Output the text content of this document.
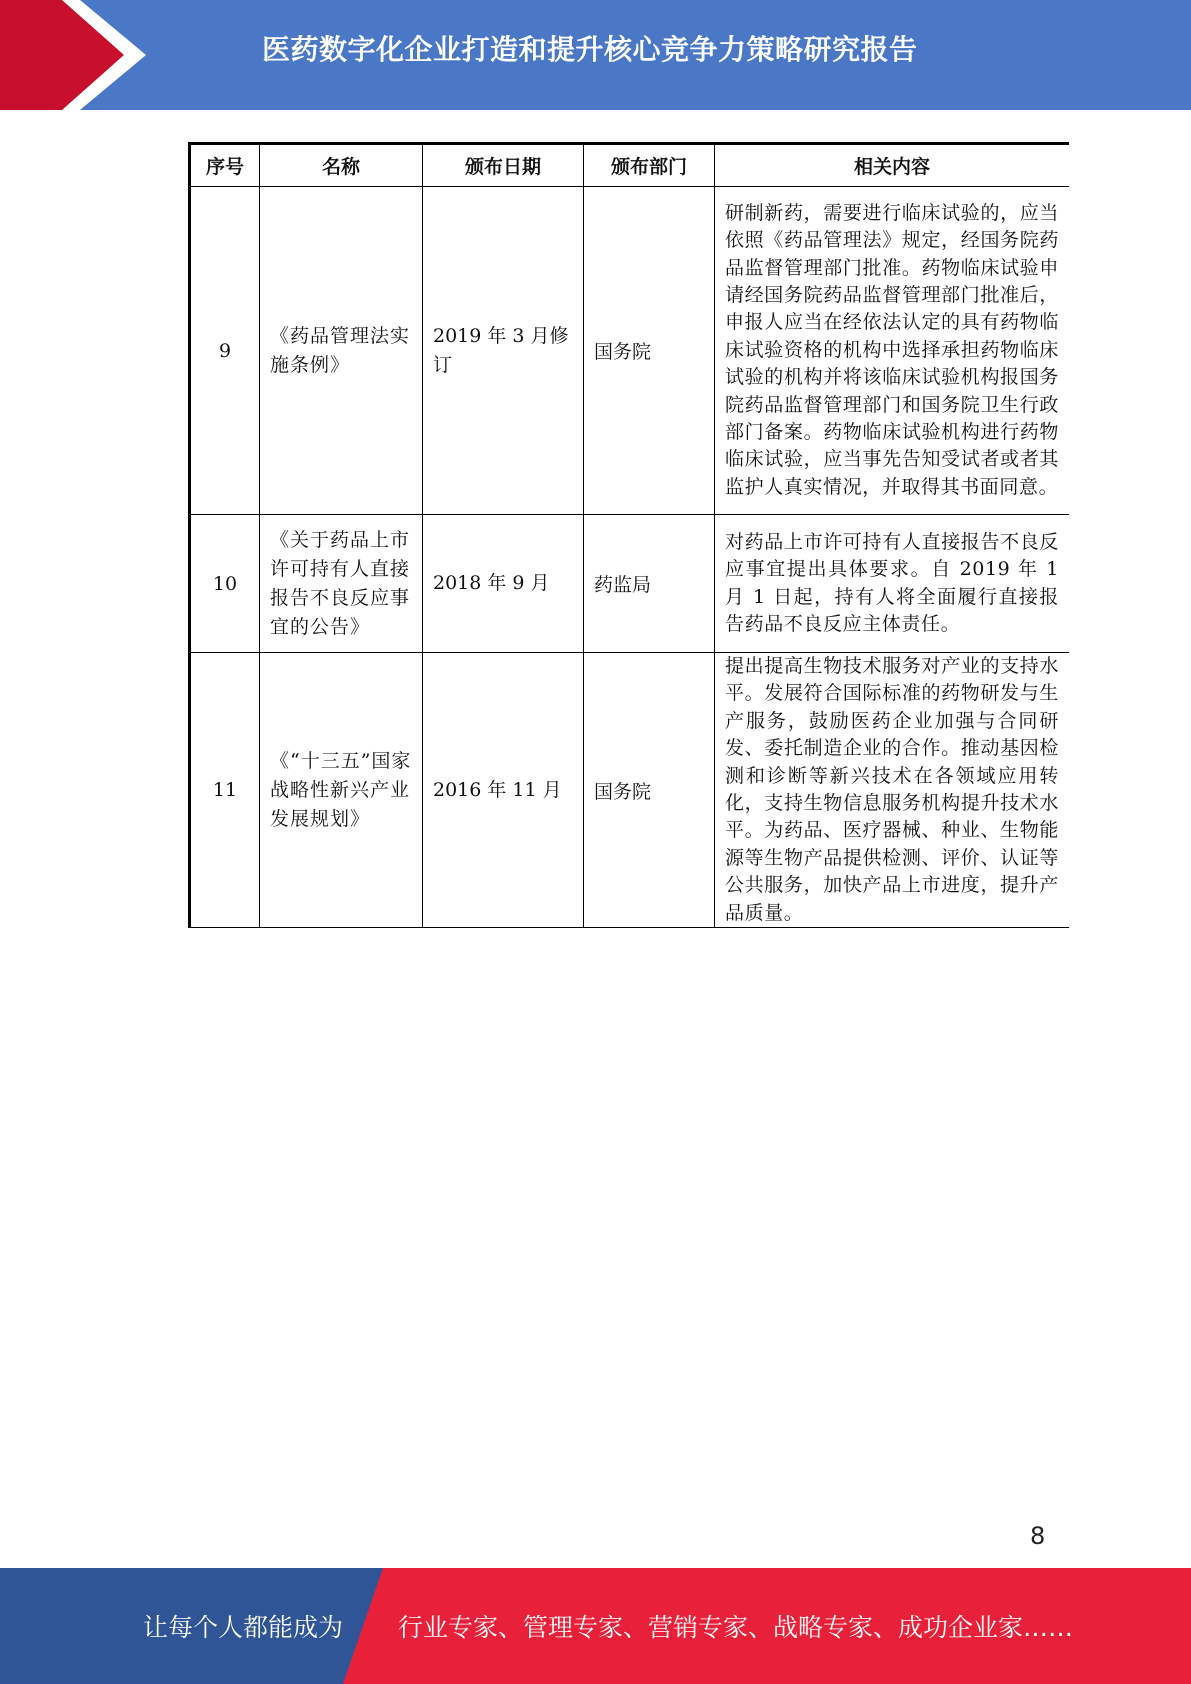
医药数字化企业打造和提升核心竞争力策略研究报告
序号	名称	颁布日期	颁布部门	相关内容
9	《药品管理法实施条例》	2019 年 3 月修订	国务院	研制新药，需要进行临床试验的，应当依照《药品管理法》规定，经国务院药品监督管理部门批准。药物临床试验申请经国务院药品监督管理部门批准后，申报人应当在经依法认定的具有药物临床试验资格的机构中选择承担药物临床试验的机构并将该临床试验机构报国务院药品监督管理部门和国务院卫生行政部门备案。药物临床试验机构进行药物临床试验，应当事先告知受试者或者其监护人真实情况，并取得其书面同意。
10	《关于药品上市许可持有人直接报告不良反应事宜的公告》	2018 年 9 月	药监局	对药品上市许可持有人直接报告不良反应事宜提出具体要求。自 2019 年 1 月 1 日起，持有人将全面履行直接报告药品不良反应主体责任。
11	《“十三五”国家战略性新兴产业发展规划》	2016 年 11 月	国务院	提出提高生物技术服务对产业的支持水平。发展符合国际标准的药物研发与生产服务，鼓励医药企业加强与合同研发、委托制造企业的合作。推动基因检测和诊断等新兴技术在各领域应用转化，支持生物信息服务机构提升技术水平。为药品、医疗器械、种业、生物能源等生物产品提供检测、评价、认证等公共服务，加快产品上市进度，提升产品质量。

8
让每个人都能成为 行业专家、管理专家、营销专家、战略专家、成功企业家……
